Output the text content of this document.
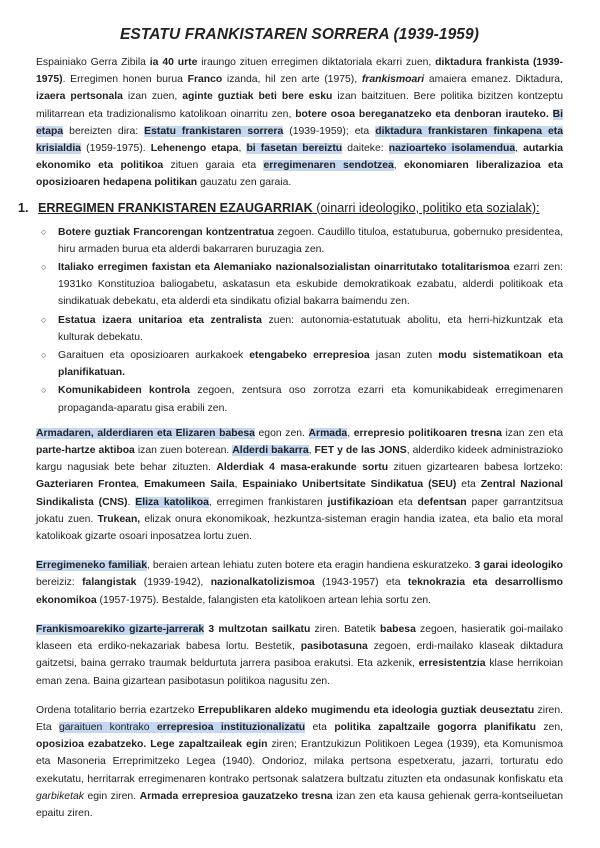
ESTATU FRANKISTAREN SORRERA (1939-1959)

Espainiako Gerra Zibila ia 40 urte iraungo zituen erregimen diktatoriala ekarri zuen, diktadura frankista (1939-1975). Erregimen honen burua Franco izanda, hil zen arte (1975), frankismoari amaiera emanez. Diktadura, izaera pertsonala izan zuen, aginte guztiak beti bere esku izan baitzituen. Bere politika bizitzen kontzeptu militarrean eta tradizionalismo katolikoan oinarritu zen, botere osoa bereganatzeko eta denboran irauteko. Bi etapa bereizten dira: Estatu frankistaren sorrera (1939-1959); eta diktadura frankistaren finkapena eta krisialdia (1959-1975). Lehenengo etapa, bi fasetan bereiztu daiteke: nazioarteko isolamendua, autarkia ekonomiko eta politikoa zituen garaia eta erregimenaren sendotzea, ekonomiaren liberalizazioa eta oposizioaren hedapena politikan gauzatu zen garaia.

1. ERREGIMEN FRANKISTAREN EZAUGARRIAK (oinarri ideologiko, politiko eta sozialak):
○ Botere guztiak Francorengan kontzentratua zegoen. Caudillo tituloa, estatuburua, gobernuko presidentea, hiru armaden buruа eta alderdi bakarraren buruzagia zen.
○ Italiako erregimen faxistan eta Alemaniako nazionalsozialistan oinarritutako totalitarismoa ezarri zen: 1931ko Konstituzioa baliogabetu, askatasun eta eskubide demokratikoak ezabatu, alderdi politikoak eta sindikatuak debekatu, eta alderdi eta sindikatu ofizial bakarra baimendu zen.
○ Estatua izaera unitarioa eta zentralista zuen: autonomia-estatutuak abolitu, eta herri-hizkuntzak eta kulturak debekatu.
○ Garaituen eta oposizioaren aurkakoek etengabeko errepresioa jasan zuten modu sistematikoan eta planifikatuan.
○ Komunikabideen kontrola zegoen, zentsura oso zorrotza ezarri eta komunikabideak erregimenaren propaganda-aparatu gisa erabili zen.

Armadaren, alderdiaren eta Elizaren babesa egon zen. Armada, errepresio politikoaren tresna izan zen eta parte-hartze aktiboa izan zuen boterean. Alderdi bakarra, FET y de las JONS, alderdiko kideek administrazioko kargu nagusiak bete behar zituzten. Alderdiak 4 masa-erakunde sortu zituen gizartearen babesa lortzeko: Gazteriaren Frontea, Emakumeen Saila, Espainiako Unibertsitate Sindikatua (SEU) eta Zentral Nazional Sindikalista (CNS). Eliza katolikoa, erregimen frankistaren justifikazioan eta defentsan paper garrantzitsua jokatu zuen. Trukean, elizak onura ekonomikoak, hezkuntza-sisteman eragin handia izatea, eta balio eta moral katolikoak gizarte osoari inposatzea lortu zuen.

Erregimeneko familiak, beraien artean lehiatu zuten botere eta eragin handiena eskuratzeko. 3 garai ideologiko bereiziz: falangistak (1939-1942), nazionalkatolizismoa (1943-1957) eta teknokrazia eta desarrollismo ekonomikoa (1957-1975). Bestalde, falangisten eta katolikoen artean lehia sortu zen.

Frankismoarekiko gizarte-jarrerak 3 multzotan sailkatu ziren. Batetik babesa zegoen, hasieratik goi-mailako klaseen eta erdiko-nekazariak babesa lortu. Bestetik, pasibotasuna zegoen, erdi-mailako klaseak diktadura gaitzetsi, baina gerrako traumak beldurtuta jarrera pasiboa erakutsi. Eta azkenik, erresistentzia klase herrikoian eman zena. Baina gizartean pasibotasun politikoa nagusitu zen.

Ordena totalitario berria ezartzeko Errepublikaren aldeko mugimendu eta ideologia guztiak deuseztatu ziren. Eta garaituen kontrako errepresioa instituzionalizatu eta politika zapaltzaile gogorra planifikatu zen, oposizioa ezabatzeko. Lege zapaltzaileak egin ziren; Erantzukizun Politikoen Legea (1939), eta Komunismoa eta Masoneria Erreprimitzeko Legea (1940). Ondorioz, milaka pertsona espetxeratu, jazarri, torturatu edo exekutatu, herritarrak erregimenaren kontrako pertsonak salatzera bultzatu zituzten eta ondasunak konfiskatu eta garbiketak egin ziren. Armada errepresioa gauzatzeko tresna izan zen eta kausa gehienak gerra-kontseiluetan epaitu ziren.
